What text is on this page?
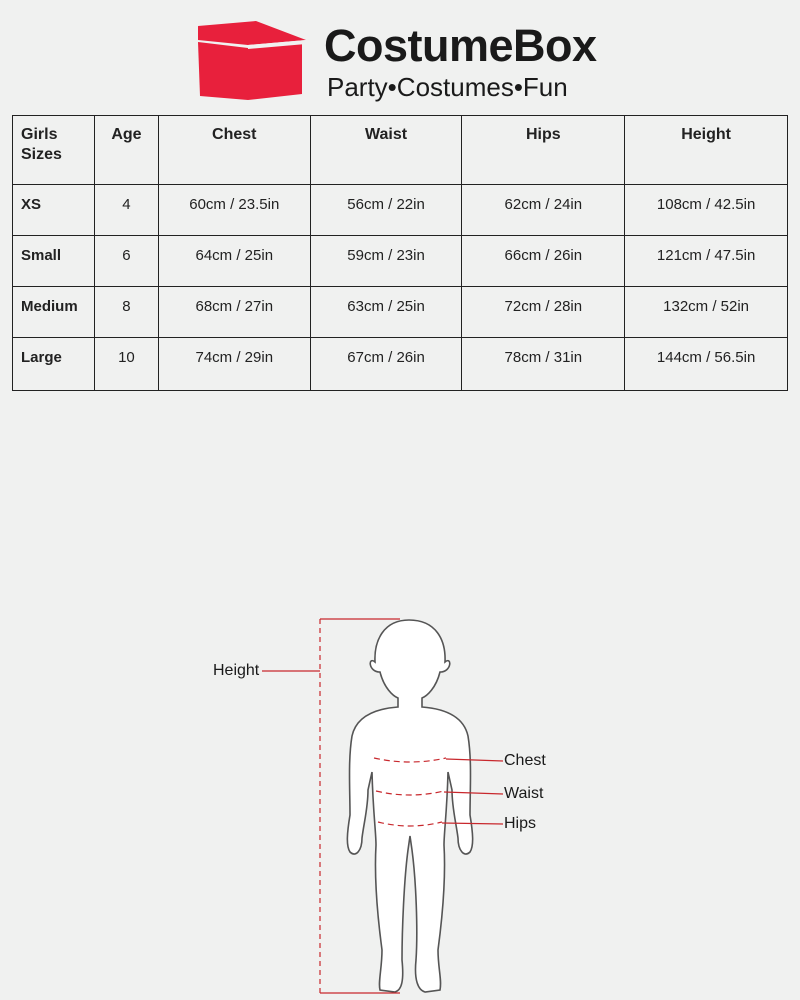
CostumeBox
Party•Costumes•Fun
Girls Sizes	Age	Chest	Waist	Hips	Height
XS	4	60cm / 23.5in	56cm / 22in	62cm / 24in	108cm / 42.5in
Small	6	64cm / 25in	59cm / 23in	66cm / 26in	121cm / 47.5in
Medium	8	68cm / 27in	63cm / 25in	72cm / 28in	132cm / 52in
Large	10	74cm / 29in	67cm / 26in	78cm / 31in	144cm / 56.5in
Height
Chest
Waist
Hips
